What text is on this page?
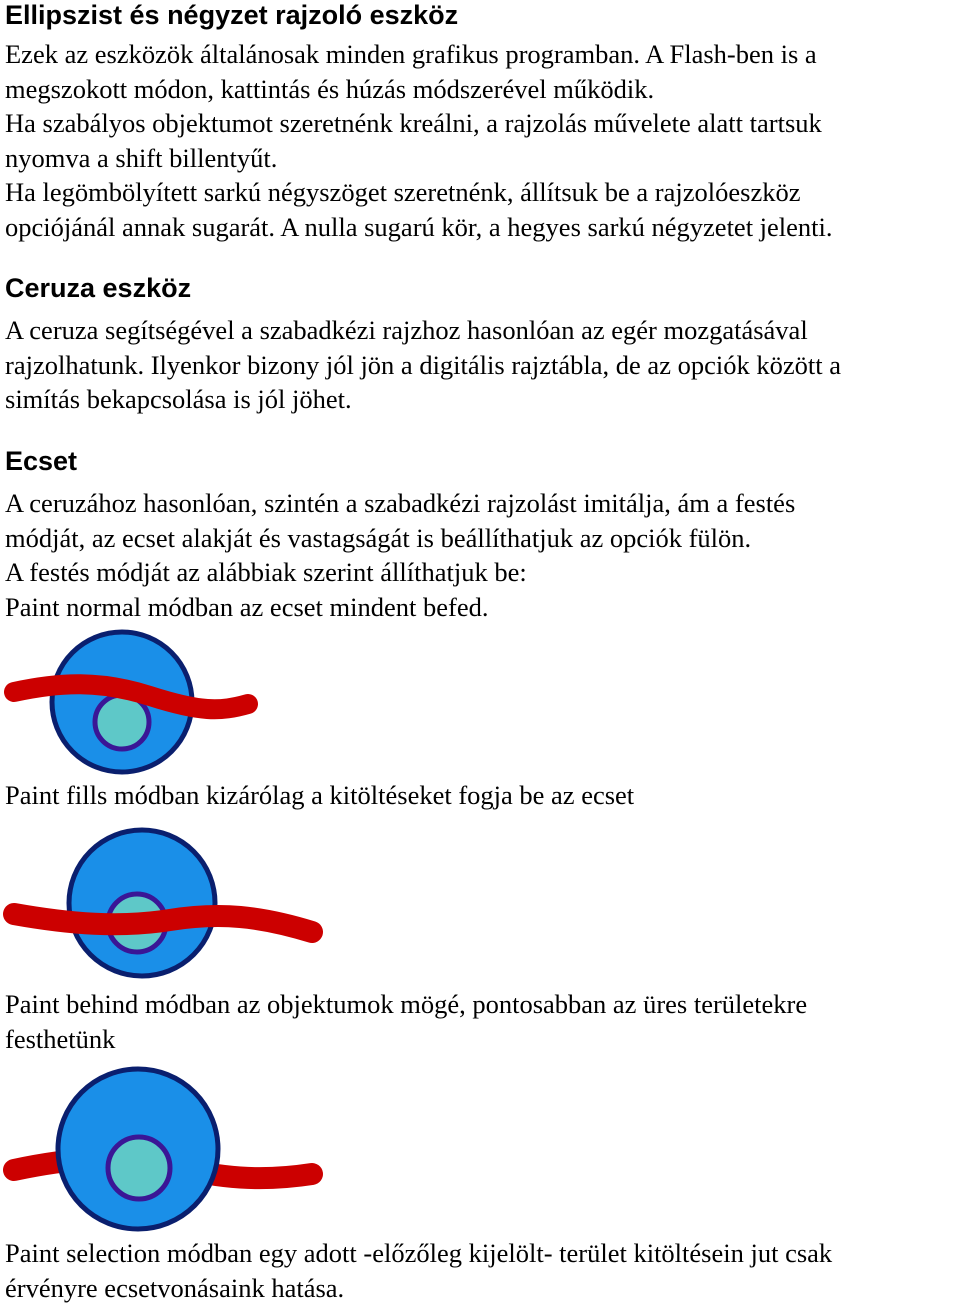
Ellipszist és négyzet rajzoló eszköz

Ezek az eszközök általánosak minden grafikus programban. A Flash-ben is a
megszokott módon, kattintás és húzás módszerével működik.
Ha szabályos objektumot szeretnénk kreálni, a rajzolás művelete alatt tartsuk
nyomva a shift billentyűt.
Ha legömbölyített sarkú négyszöget szeretnénk, állítsuk be a rajzolóeszköz
opciójánál annak sugarát. A nulla sugarú kör, a hegyes sarkú négyzetet jelenti.

Ceruza eszköz

A ceruza segítségével a szabadkézi rajzhoz hasonlóan az egér mozgatásával
rajzolhatunk. Ilyenkor bizony jól jön a digitális rajztábla, de az opciók között a
simítás bekapcsolása is jól jöhet.

Ecset

A ceruzához hasonlóan, szintén a szabadkézi rajzolást imitálja, ám a festés
módját, az ecset alakját és vastagságát is beállíthatjuk az opciók fülön.
A festés módját az alábbiak szerint állíthatjuk be:
Paint normal módban az ecset mindent befed.

Paint fills módban kizárólag a kitöltéseket fogja be az ecset

Paint behind módban az objektumok mögé, pontosabban az üres területekre
festhetünk

Paint selection módban egy adott -előzőleg kijelölt- terület kitöltésein jut csak
érvényre ecsetvonásaink hatása.
